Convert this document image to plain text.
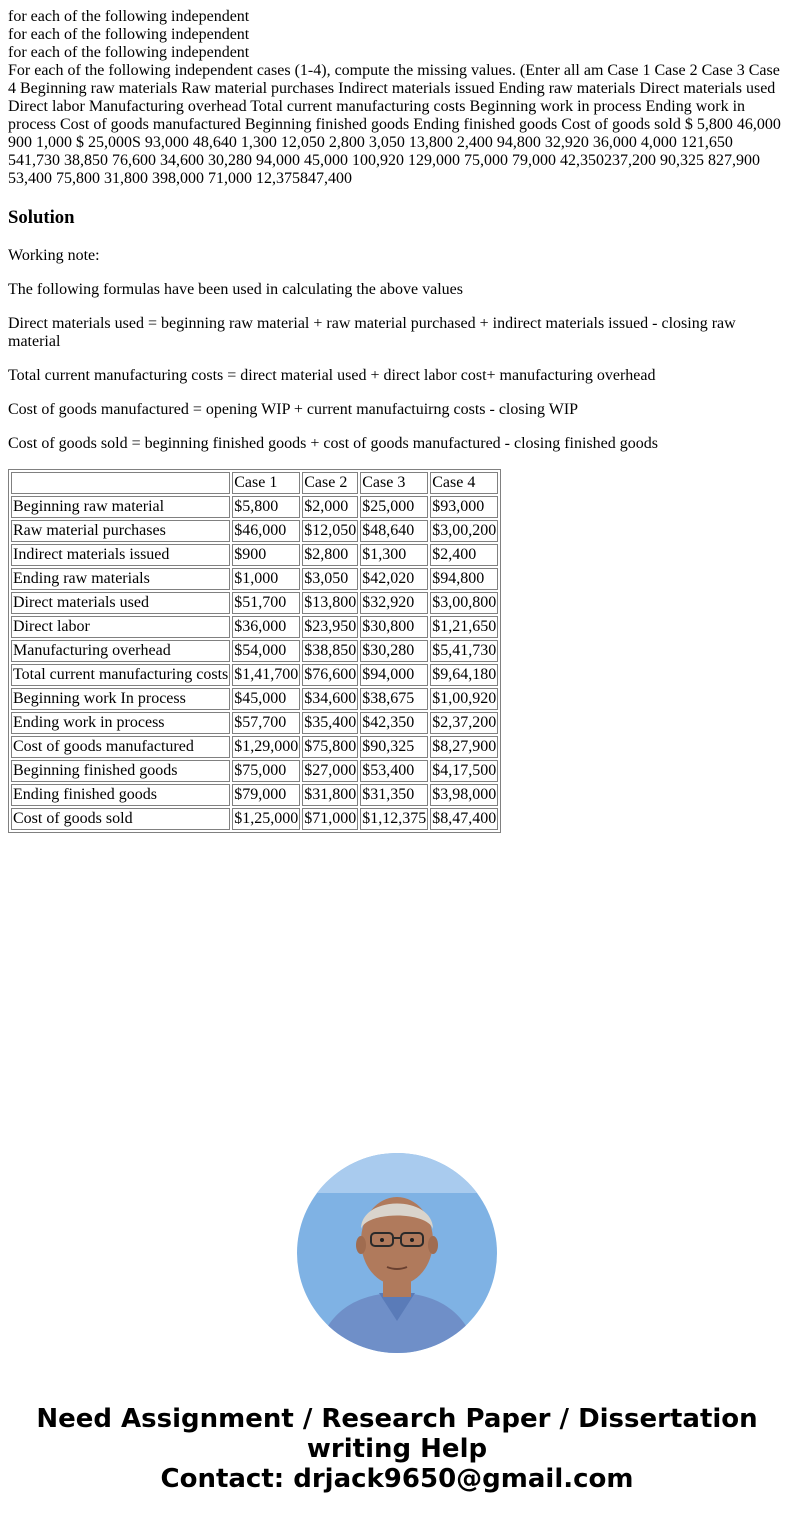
for each of the following independent

for each of the following independent

for each of the following independent

For each of the following independent cases (1-4), compute the missing values. (Enter all am Case 1 Case 2 Case 3 Case 4 Beginning raw materials Raw material purchases Indirect materials issued Ending raw materials Direct materials used Direct labor Manufacturing overhead Total current manufacturing costs Beginning work in process Ending work in process Cost of goods manufactured Beginning finished goods Ending finished goods Cost of goods sold $ 5,800 46,000 900 1,000 $ 25,000S 93,000 48,640 1,300 12,050 2,800 3,050 13,800 2,400 94,800 32,920 36,000 4,000 121,650 541,730 38,850 76,600 34,600 30,280 94,000 45,000 100,920 129,000 75,000 79,000 42,350237,200 90,325 827,900 53,400 75,800 31,800 398,000 71,000 12,375847,400

Solution

Working note:

The following formulas have been used in calculating the above values

Direct materials used = beginning raw material + raw material purchased + indirect materials issued - closing raw material

Total current manufacturing costs = direct material used + direct labor cost+ manufacturing overhead

Cost of goods manufactured = opening WIP + current manufactuirng costs - closing WIP

Cost of goods sold = beginning finished goods + cost of goods manufactured - closing finished goods

	Case 1	Case 2	Case 3	Case 4
Beginning raw material	$5,800	$2,000	$25,000	$93,000
Raw material purchases	$46,000	$12,050	$48,640	$3,00,200
Indirect materials issued	$900	$2,800	$1,300	$2,400
Ending raw materials	$1,000	$3,050	$42,020	$94,800
Direct materials used	$51,700	$13,800	$32,920	$3,00,800
Direct labor	$36,000	$23,950	$30,800	$1,21,650
Manufacturing overhead	$54,000	$38,850	$30,280	$5,41,730
Total current manufacturing costs	$1,41,700	$76,600	$94,000	$9,64,180
Beginning work In process	$45,000	$34,600	$38,675	$1,00,920
Ending work in process	$57,700	$35,400	$42,350	$2,37,200
Cost of goods manufactured	$1,29,000	$75,800	$90,325	$8,27,900
Beginning finished goods	$75,000	$27,000	$53,400	$4,17,500
Ending finished goods	$79,000	$31,800	$31,350	$3,98,000
Cost of goods sold	$1,25,000	$71,000	$1,12,375	$8,47,400
Need Assignment / Research Paper / Dissertation
writing Help
Contact: drjack9650@gmail.com
